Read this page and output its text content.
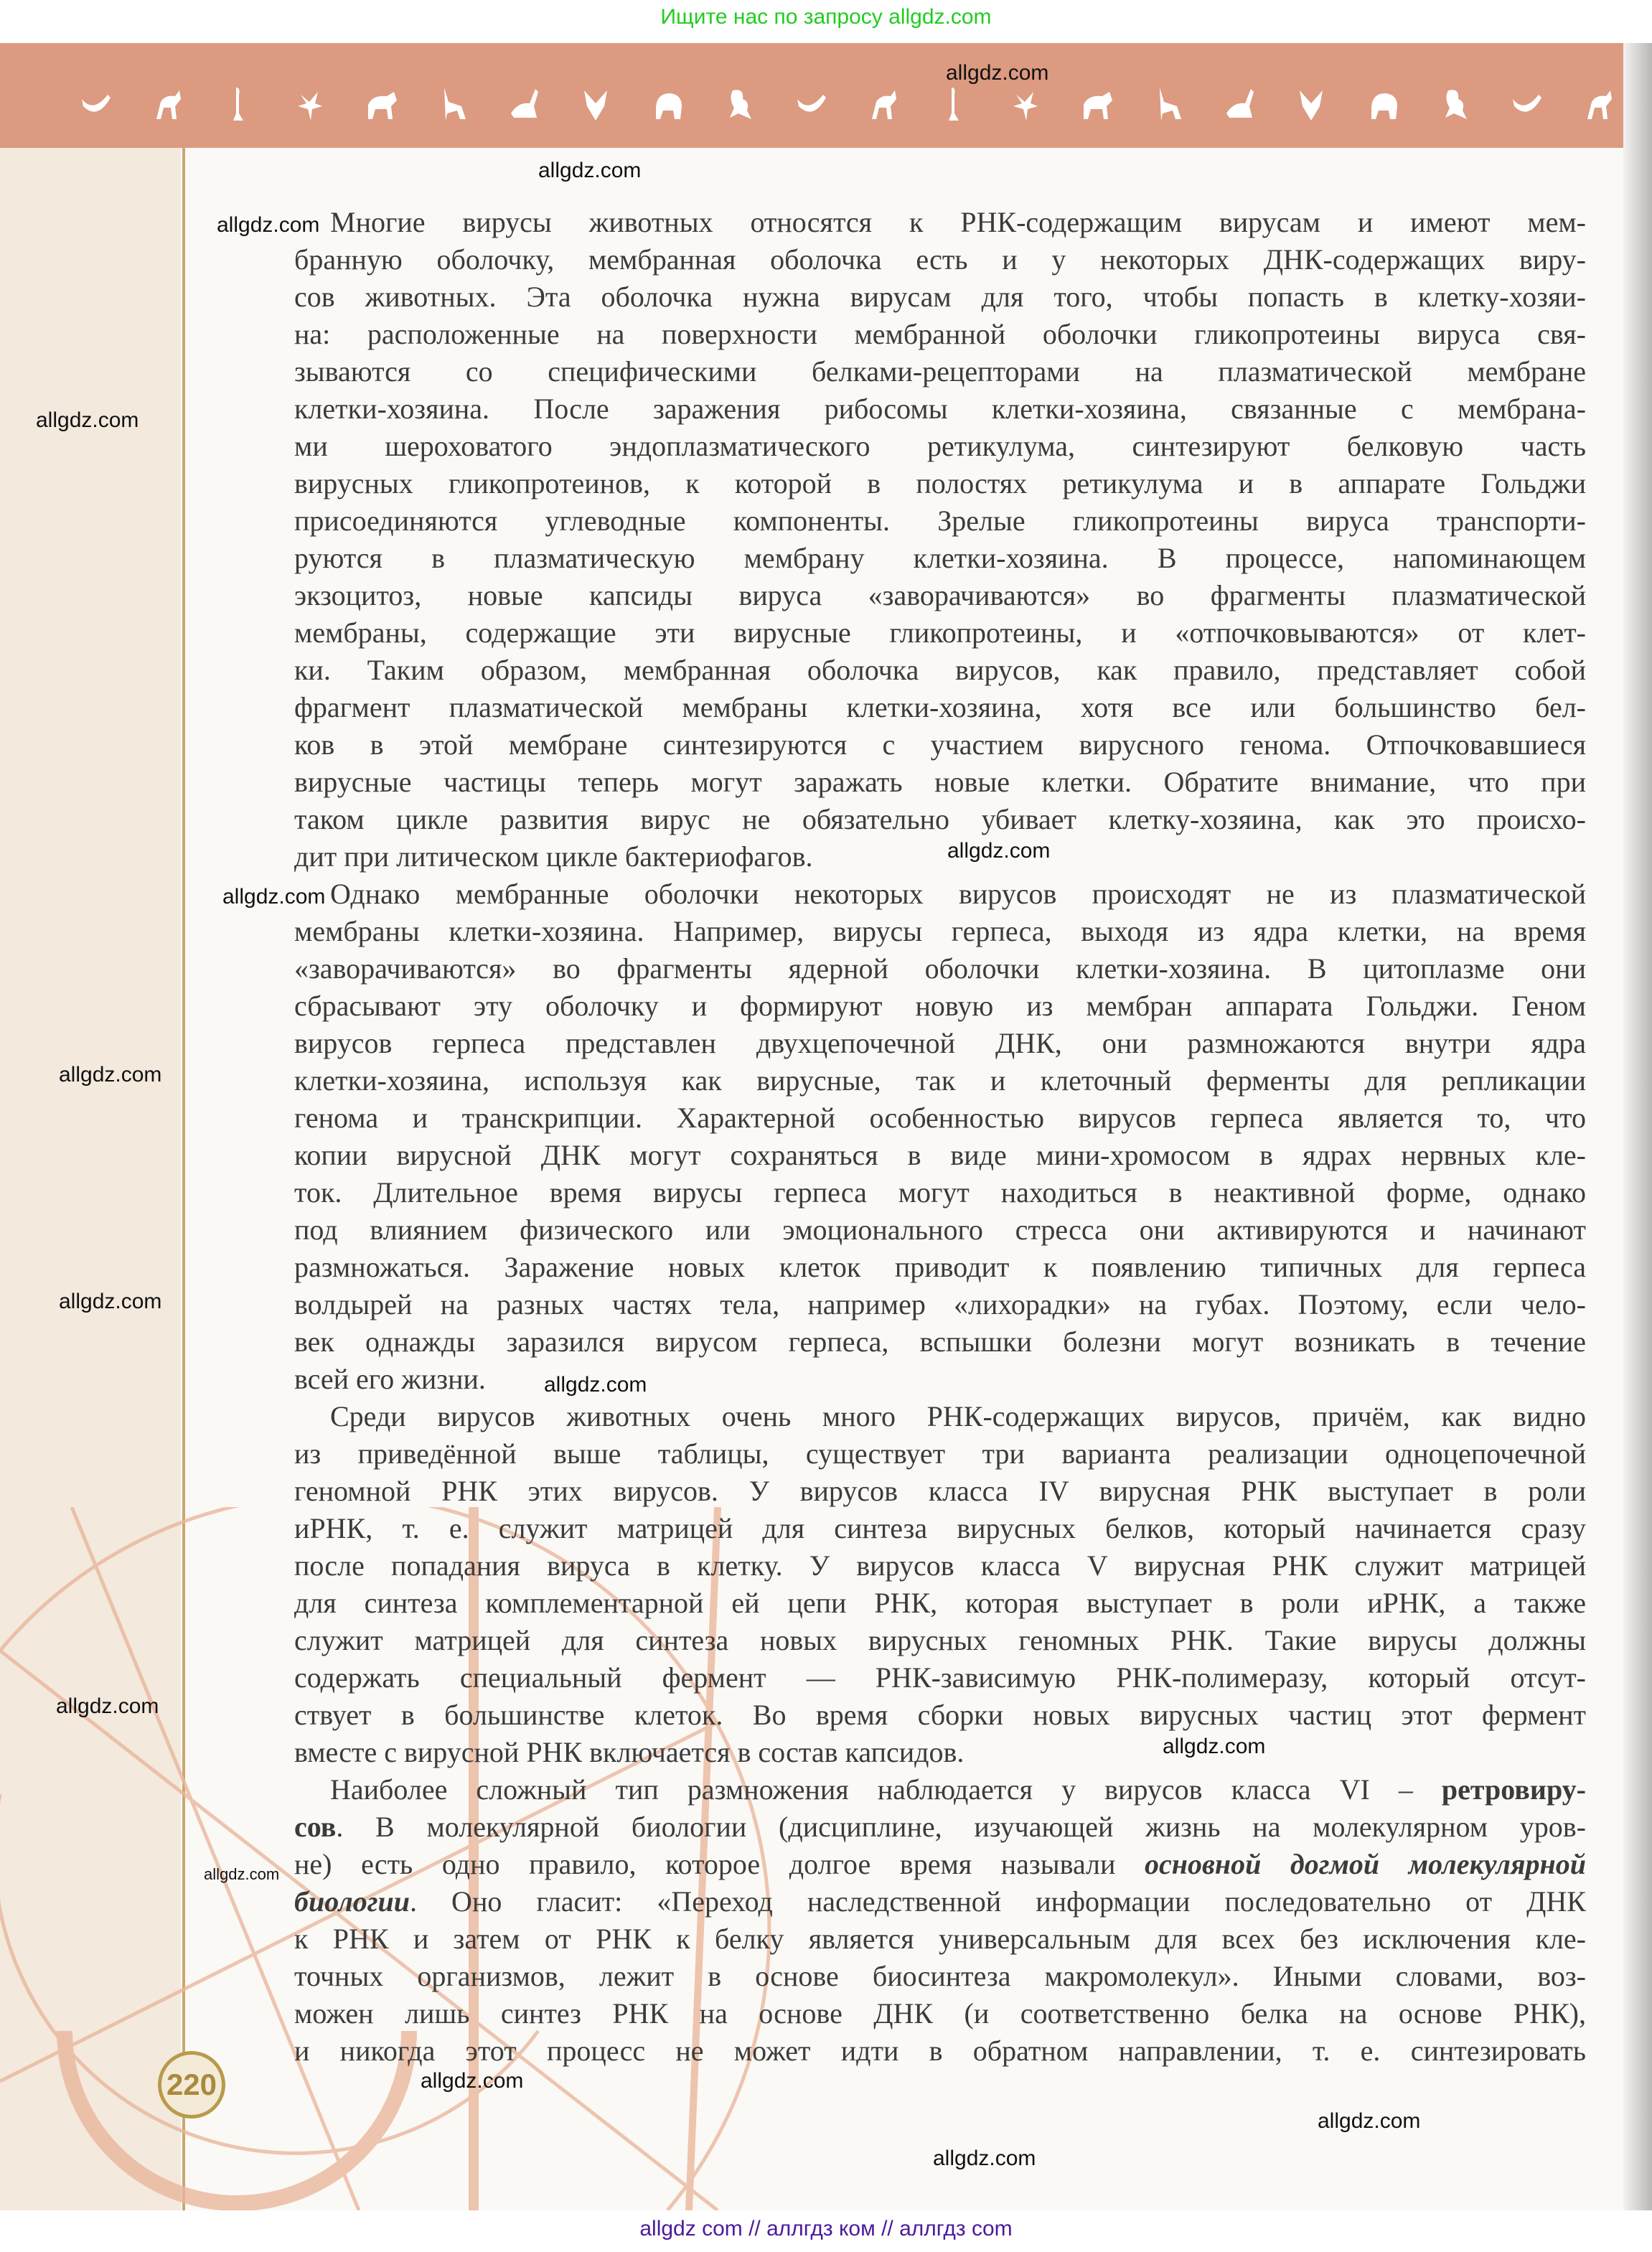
Ищите нас по запросу allgdz.com
Многие вирусы животных относятся к РНК-содержащим вирусам и имеют мем-
бранную оболочку, мембранная оболочка есть и у некоторых ДНК-содержащих виру-
сов животных. Эта оболочка нужна вирусам для того, чтобы попасть в клетку-хозяи-
на: расположенные на поверхности мембранной оболочки гликопротеины вируса свя-
зываются со специфическими белками-рецепторами на плазматической мембране
клетки-хозяина. После заражения рибосомы клетки-хозяина, связанные с мембрана-
ми шероховатого эндоплазматического ретикулума, синтезируют белковую часть
вирусных гликопротеинов, к которой в полостях ретикулума и в аппарате Гольджи
присоединяются углеводные компоненты. Зрелые гликопротеины вируса транспорти-
руются в плазматическую мембрану клетки-хозяина. В процессе, напоминающем
экзоцитоз, новые капсиды вируса «заворачиваются» во фрагменты плазматической
мембраны, содержащие эти вирусные гликопротеины, и «отпочковываются» от клет-
ки. Таким образом, мембранная оболочка вирусов, как правило, представляет собой
фрагмент плазматической мембраны клетки-хозяина, хотя все или большинство бел-
ков в этой мембране синтезируются с участием вирусного генома. Отпочковавшиеся
вирусные частицы теперь могут заражать новые клетки. Обратите внимание, что при
таком цикле развития вирус не обязательно убивает клетку-хозяина, как это происхо-
дит при литическом цикле бактериофагов.
Однако мембранные оболочки некоторых вирусов происходят не из плазматической
мембраны клетки-хозяина. Например, вирусы герпеса, выходя из ядра клетки, на время
«заворачиваются» во фрагменты ядерной оболочки клетки-хозяина. В цитоплазме они
сбрасывают эту оболочку и формируют новую из мембран аппарата Гольджи. Геном
вирусов герпеса представлен двухцепочечной ДНК, они размножаются внутри ядра
клетки-хозяина, используя как вирусные, так и клеточный ферменты для репликации
генома и транскрипции. Характерной особенностью вирусов герпеса является то, что
копии вирусной ДНК могут сохраняться в виде мини-хромосом в ядрах нервных кле-
ток. Длительное время вирусы герпеса могут находиться в неактивной форме, однако
под влиянием физического или эмоционального стресса они активируются и начинают
размножаться. Заражение новых клеток приводит к появлению типичных для герпеса
волдырей на разных частях тела, например «лихорадки» на губах. Поэтому, если чело-
век однажды заразился вирусом герпеса, вспышки болезни могут возникать в течение
всей его жизни.
Среди вирусов животных очень много РНК-содержащих вирусов, причём, как видно
из приведённой выше таблицы, существует три варианта реализации одноцепочечной
геномной РНК этих вирусов. У вирусов класса IV вирусная РНК выступает в роли
иРНК, т. е. служит матрицей для синтеза вирусных белков, который начинается сразу
после попадания вируса в клетку. У вирусов класса V вирусная РНК служит матрицей
для синтеза комплементарной ей цепи РНК, которая выступает в роли иРНК, а также
служит матрицей для синтеза новых вирусных геномных РНК. Такие вирусы должны
содержать специальный фермент — РНК-зависимую РНК-полимеразу, который отсут-
ствует в большинстве клеток. Во время сборки новых вирусных частиц этот фермент
вместе с вирусной РНК включается в состав капсидов.
Наиболее сложный тип размножения наблюдается у вирусов класса VI – ретровиру-
сов. В молекулярной биологии (дисциплине, изучающей жизнь на молекулярном уров-
не) есть одно правило, которое долгое время называли основной догмой молекулярной
биологии. Оно гласит: «Переход наследственной информации последовательно от ДНК
к РНК и затем от РНК к белку является универсальным для всех без исключения кле-
точных организмов, лежит в основе биосинтеза макромолекул». Иными словами, воз-
можен лишь синтез РНК на основе ДНК (и соответственно белка на основе РНК),
и никогда этот процесс не может идти в обратном направлении, т. е. синтезировать
220
allgdz.com
allgdz.com
allgdz.com
allgdz.com
allgdz.com
allgdz.com
allgdz.com
allgdz.com
allgdz.com
allgdz.com
allgdz.com
allgdz.com
allgdz.com
allgdz.com
allgdz.com
allgdz com // аллгдз ком // аллгдз com
